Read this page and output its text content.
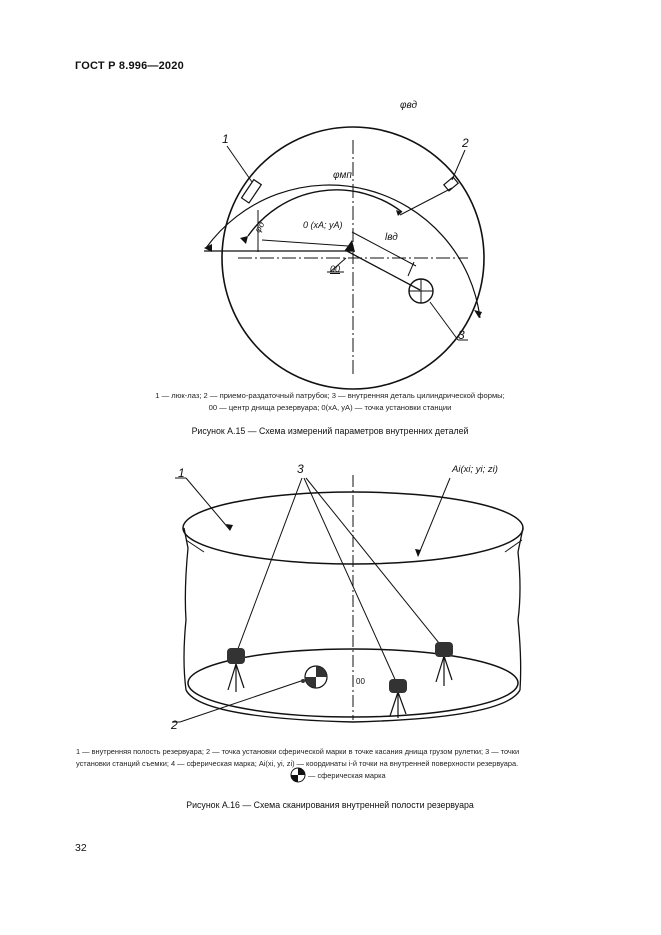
ГОСТ Р 8.996—2020
φвд
φмп
φд	0 (xA; yA)
00
lвд
1	2
3
1 — люк-лаз; 2 — приемо-раздаточный патрубок; 3 — внутренняя деталь цилиндрической формы;
00 — центр днища резервуара; 0(xA, yA) — точка установки станции
Рисунок А.15 — Схема измерений параметров внутренних деталей
1	3	Ai(xi; yi; zi)
00
2
1 — внутренняя полость резервуара; 2 — точка установки сферической марки в точке касания днища грузом рулетки; 3 — точки
установки станций съемки; 4 — сферическая марка; Ai(xi, yi, zi) — координаты i-й точки на внутренней поверхности резервуара.
— сферическая марка
Рисунок А.16 — Схема сканирования внутренней полости резервуара
32
